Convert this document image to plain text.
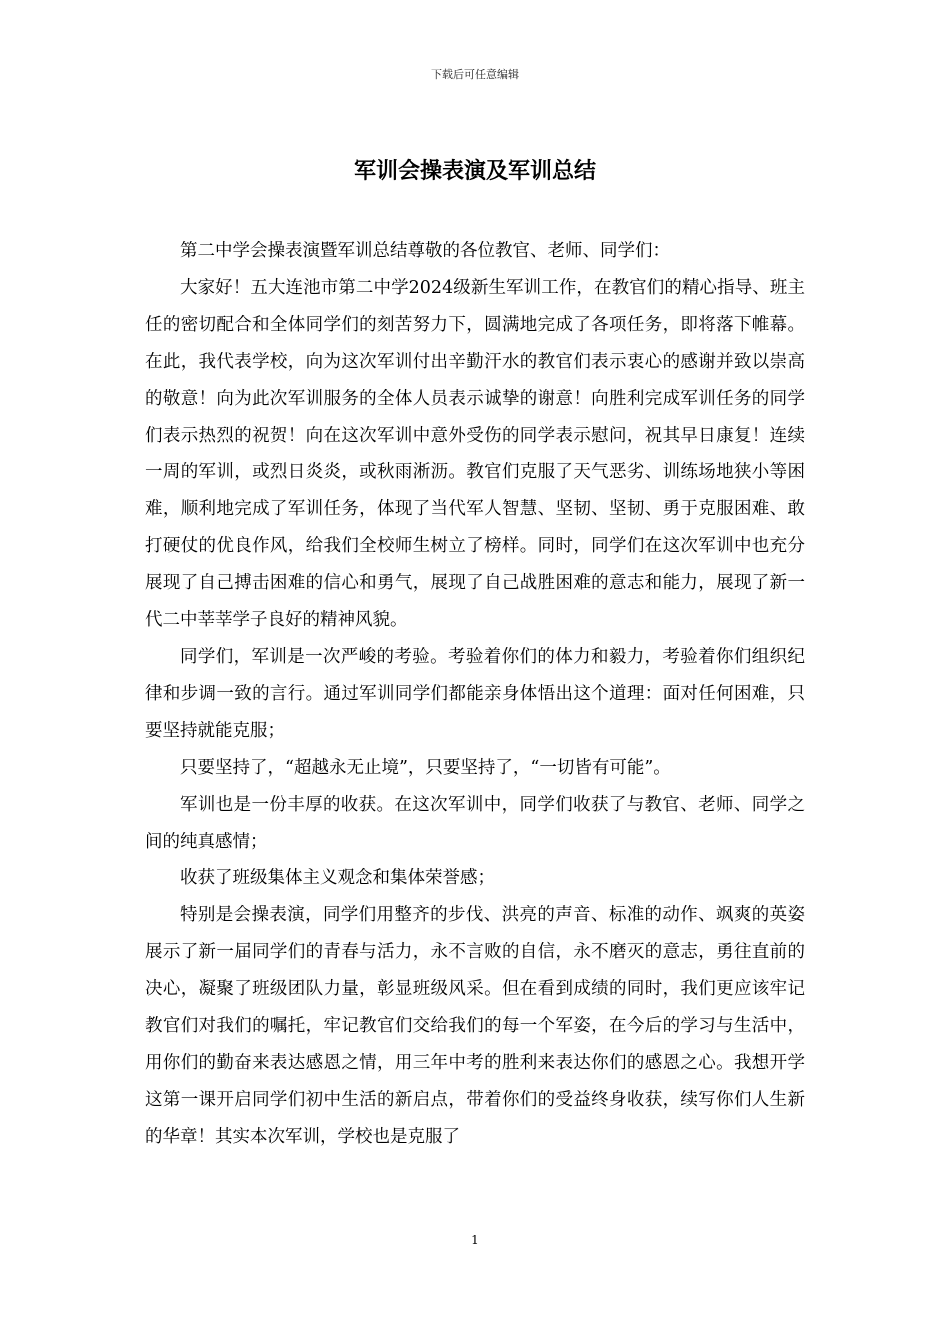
下载后可任意编辑
军训会操表演及军训总结

第二中学会操表演暨军训总结尊敬的各位教官、老师、同学们：

大家好！五大连池市第二中学2024级新生军训工作，在教官们的精心指导、班主任的密切配合和全体同学们的刻苦努力下，圆满地完成了各项任务，即将落下帷幕。在此，我代表学校，向为这次军训付出辛勤汗水的教官们表示衷心的感谢并致以崇高的敬意！向为此次军训服务的全体人员表示诚挚的谢意！向胜利完成军训任务的同学们表示热烈的祝贺！向在这次军训中意外受伤的同学表示慰问，祝其早日康复！连续一周的军训，或烈日炎炎，或秋雨淅沥。教官们克服了天气恶劣、训练场地狭小等困难，顺利地完成了军训任务，体现了当代军人智慧、坚韧、坚韧、勇于克服困难、敢打硬仗的优良作风，给我们全校师生树立了榜样。同时，同学们在这次军训中也充分展现了自己搏击困难的信心和勇气，展现了自己战胜困难的意志和能力，展现了新一代二中莘莘学子良好的精神风貌。

同学们，军训是一次严峻的考验。考验着你们的体力和毅力，考验着你们组织纪律和步调一致的言行。通过军训同学们都能亲身体悟出这个道理：面对任何困难，只要坚持就能克服；

只要坚持了，“超越永无止境”，只要坚持了，“一切皆有可能”。

军训也是一份丰厚的收获。在这次军训中，同学们收获了与教官、老师、同学之间的纯真感情；

收获了班级集体主义观念和集体荣誉感；

特别是会操表演，同学们用整齐的步伐、洪亮的声音、标准的动作、飒爽的英姿展示了新一届同学们的青春与活力，永不言败的自信，永不磨灭的意志，勇往直前的决心，凝聚了班级团队力量，彰显班级风采。但在看到成绩的同时，我们更应该牢记教官们对我们的嘱托，牢记教官们交给我们的每一个军姿，在今后的学习与生活中，用你们的勤奋来表达感恩之情，用三年中考的胜利来表达你们的感恩之心。我想开学这第一课开启同学们初中生活的新启点，带着你们的受益终身收获，续写你们人生新的华章！其实本次军训，学校也是克服了

1
